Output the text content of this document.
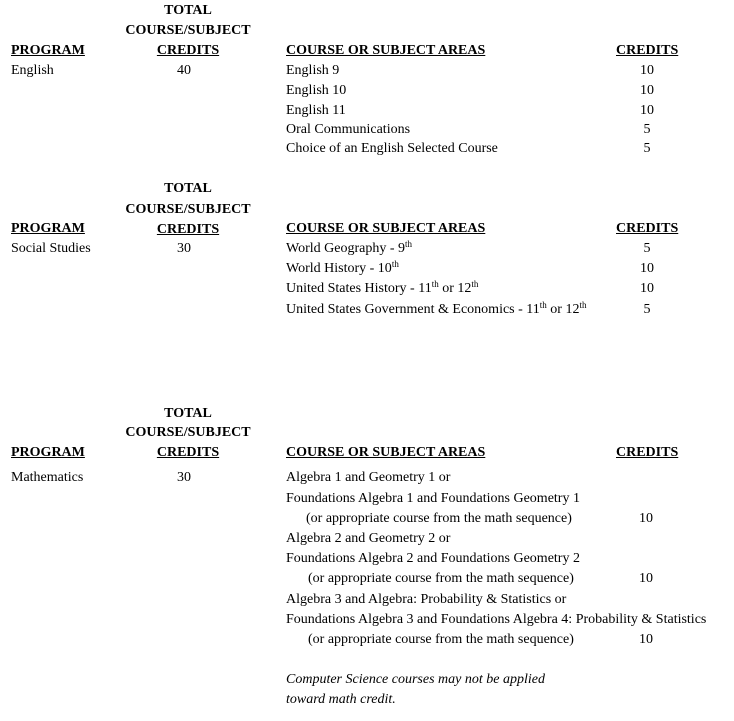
TOTAL
COURSE/SUBJECT
CREDITS
PROGRAM	COURSE OR SUBJECT AREAS	CREDITS
English	40	English 9	10
English 10	10
English 11	10
Oral Communications	5
Choice of an English Selected Course	5
TOTAL
COURSE/SUBJECT
CREDITS
PROGRAM	COURSE OR SUBJECT AREAS	CREDITS
Social Studies	30	World Geography - 9th	5
World History - 10th	10
United States History - 11th or 12th	10
United States Government & Economics - 11th or 12th	5
TOTAL
COURSE/SUBJECT
CREDITS
PROGRAM	COURSE OR SUBJECT AREAS	CREDITS
Mathematics	30	Algebra 1 and Geometry 1 or
Foundations Algebra 1 and Foundations Geometry 1
(or appropriate course from the math sequence)	10
Algebra 2 and Geometry 2 or
Foundations Algebra 2 and Foundations Geometry 2
(or appropriate course from the math sequence)	10
Algebra 3 and Algebra: Probability & Statistics or
Foundations Algebra 3 and Foundations Algebra 4: Probability & Statistics
(or appropriate course from the math sequence)	10
Computer Science courses may not be applied
toward math credit.
